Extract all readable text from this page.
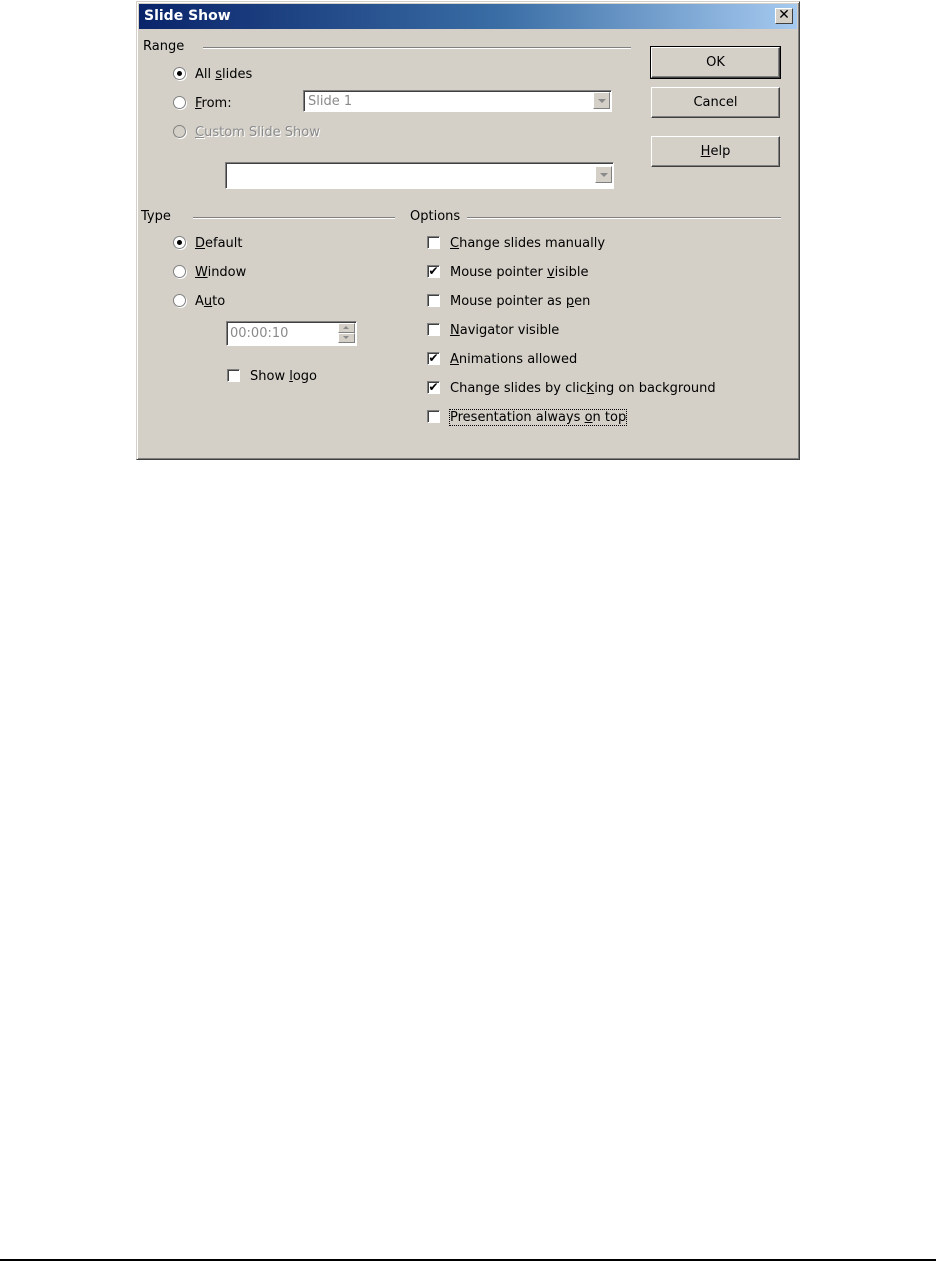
Slide Show	✕
Range
All slides
From:	Slide 1
Custom Slide Show
OK
Cancel
Help
Type
Default
Window
Auto
00:00:10
Show logo
Options
Change slides manually
✔ Mouse pointer visible
Mouse pointer as pen
Navigator visible
✔ Animations allowed
✔ Change slides by clicking on background
Presentation always on top
